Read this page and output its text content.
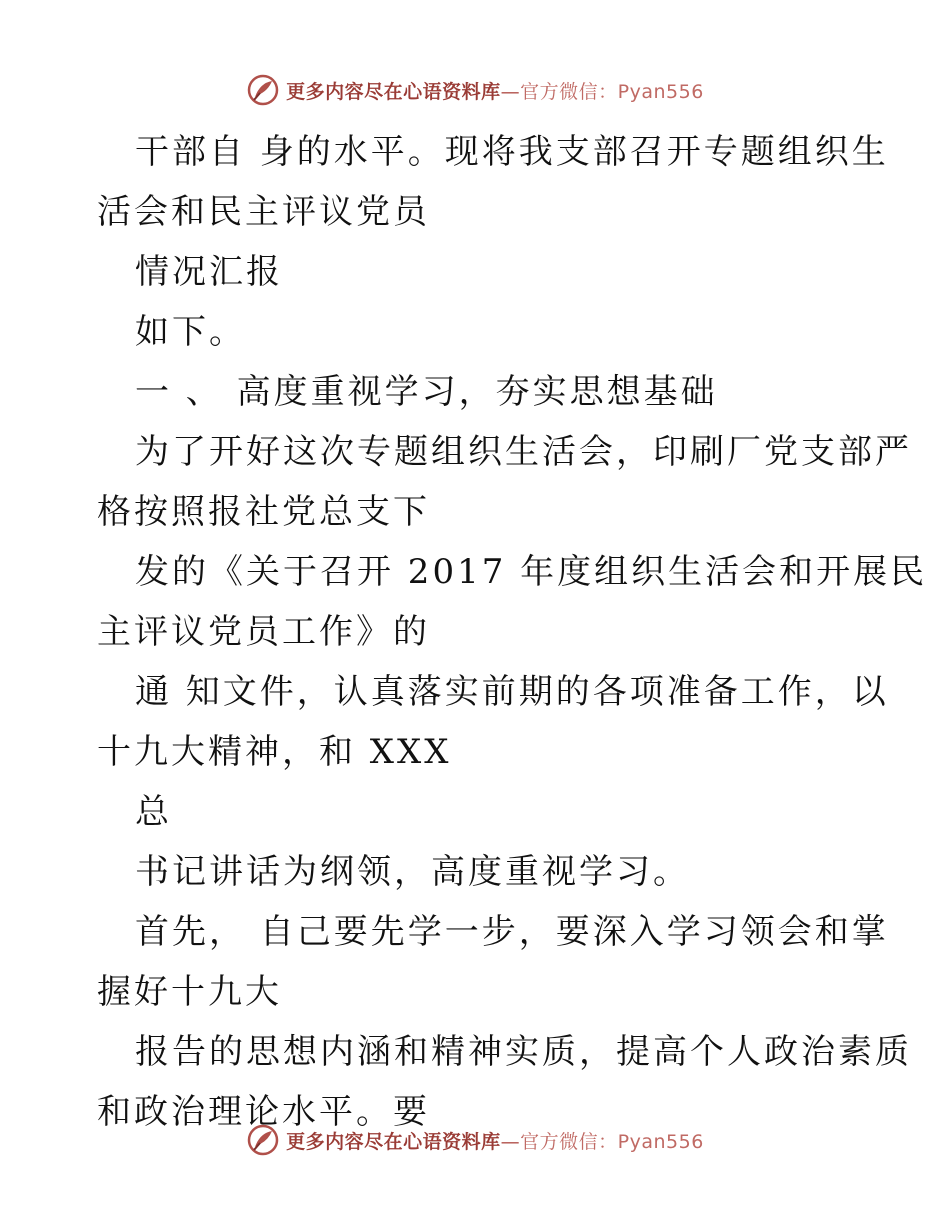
更多内容尽在心语资料库—官方微信：Pyan556
干部自 身的水平。现将我支部召开专题组织生
活会和民主评议党员
情况汇报
如下。
一 、 高度重视学习，夯实思想基础
为了开好这次专题组织生活会，印刷厂党支部严
格按照报社党总支下
发的《关于召开 2017 年度组织生活会和开展民
主评议党员工作》的
通 知文件，认真落实前期的各项准备工作，以
十九大精神，和 XXX
总
书记讲话为纲领，高度重视学习。
首先， 自己要先学一步，要深入学习领会和掌
握好十九大
报告的思想内涵和精神实质，提高个人政治素质
和政治理论水平。要
更多内容尽在心语资料库—官方微信：Pyan556
